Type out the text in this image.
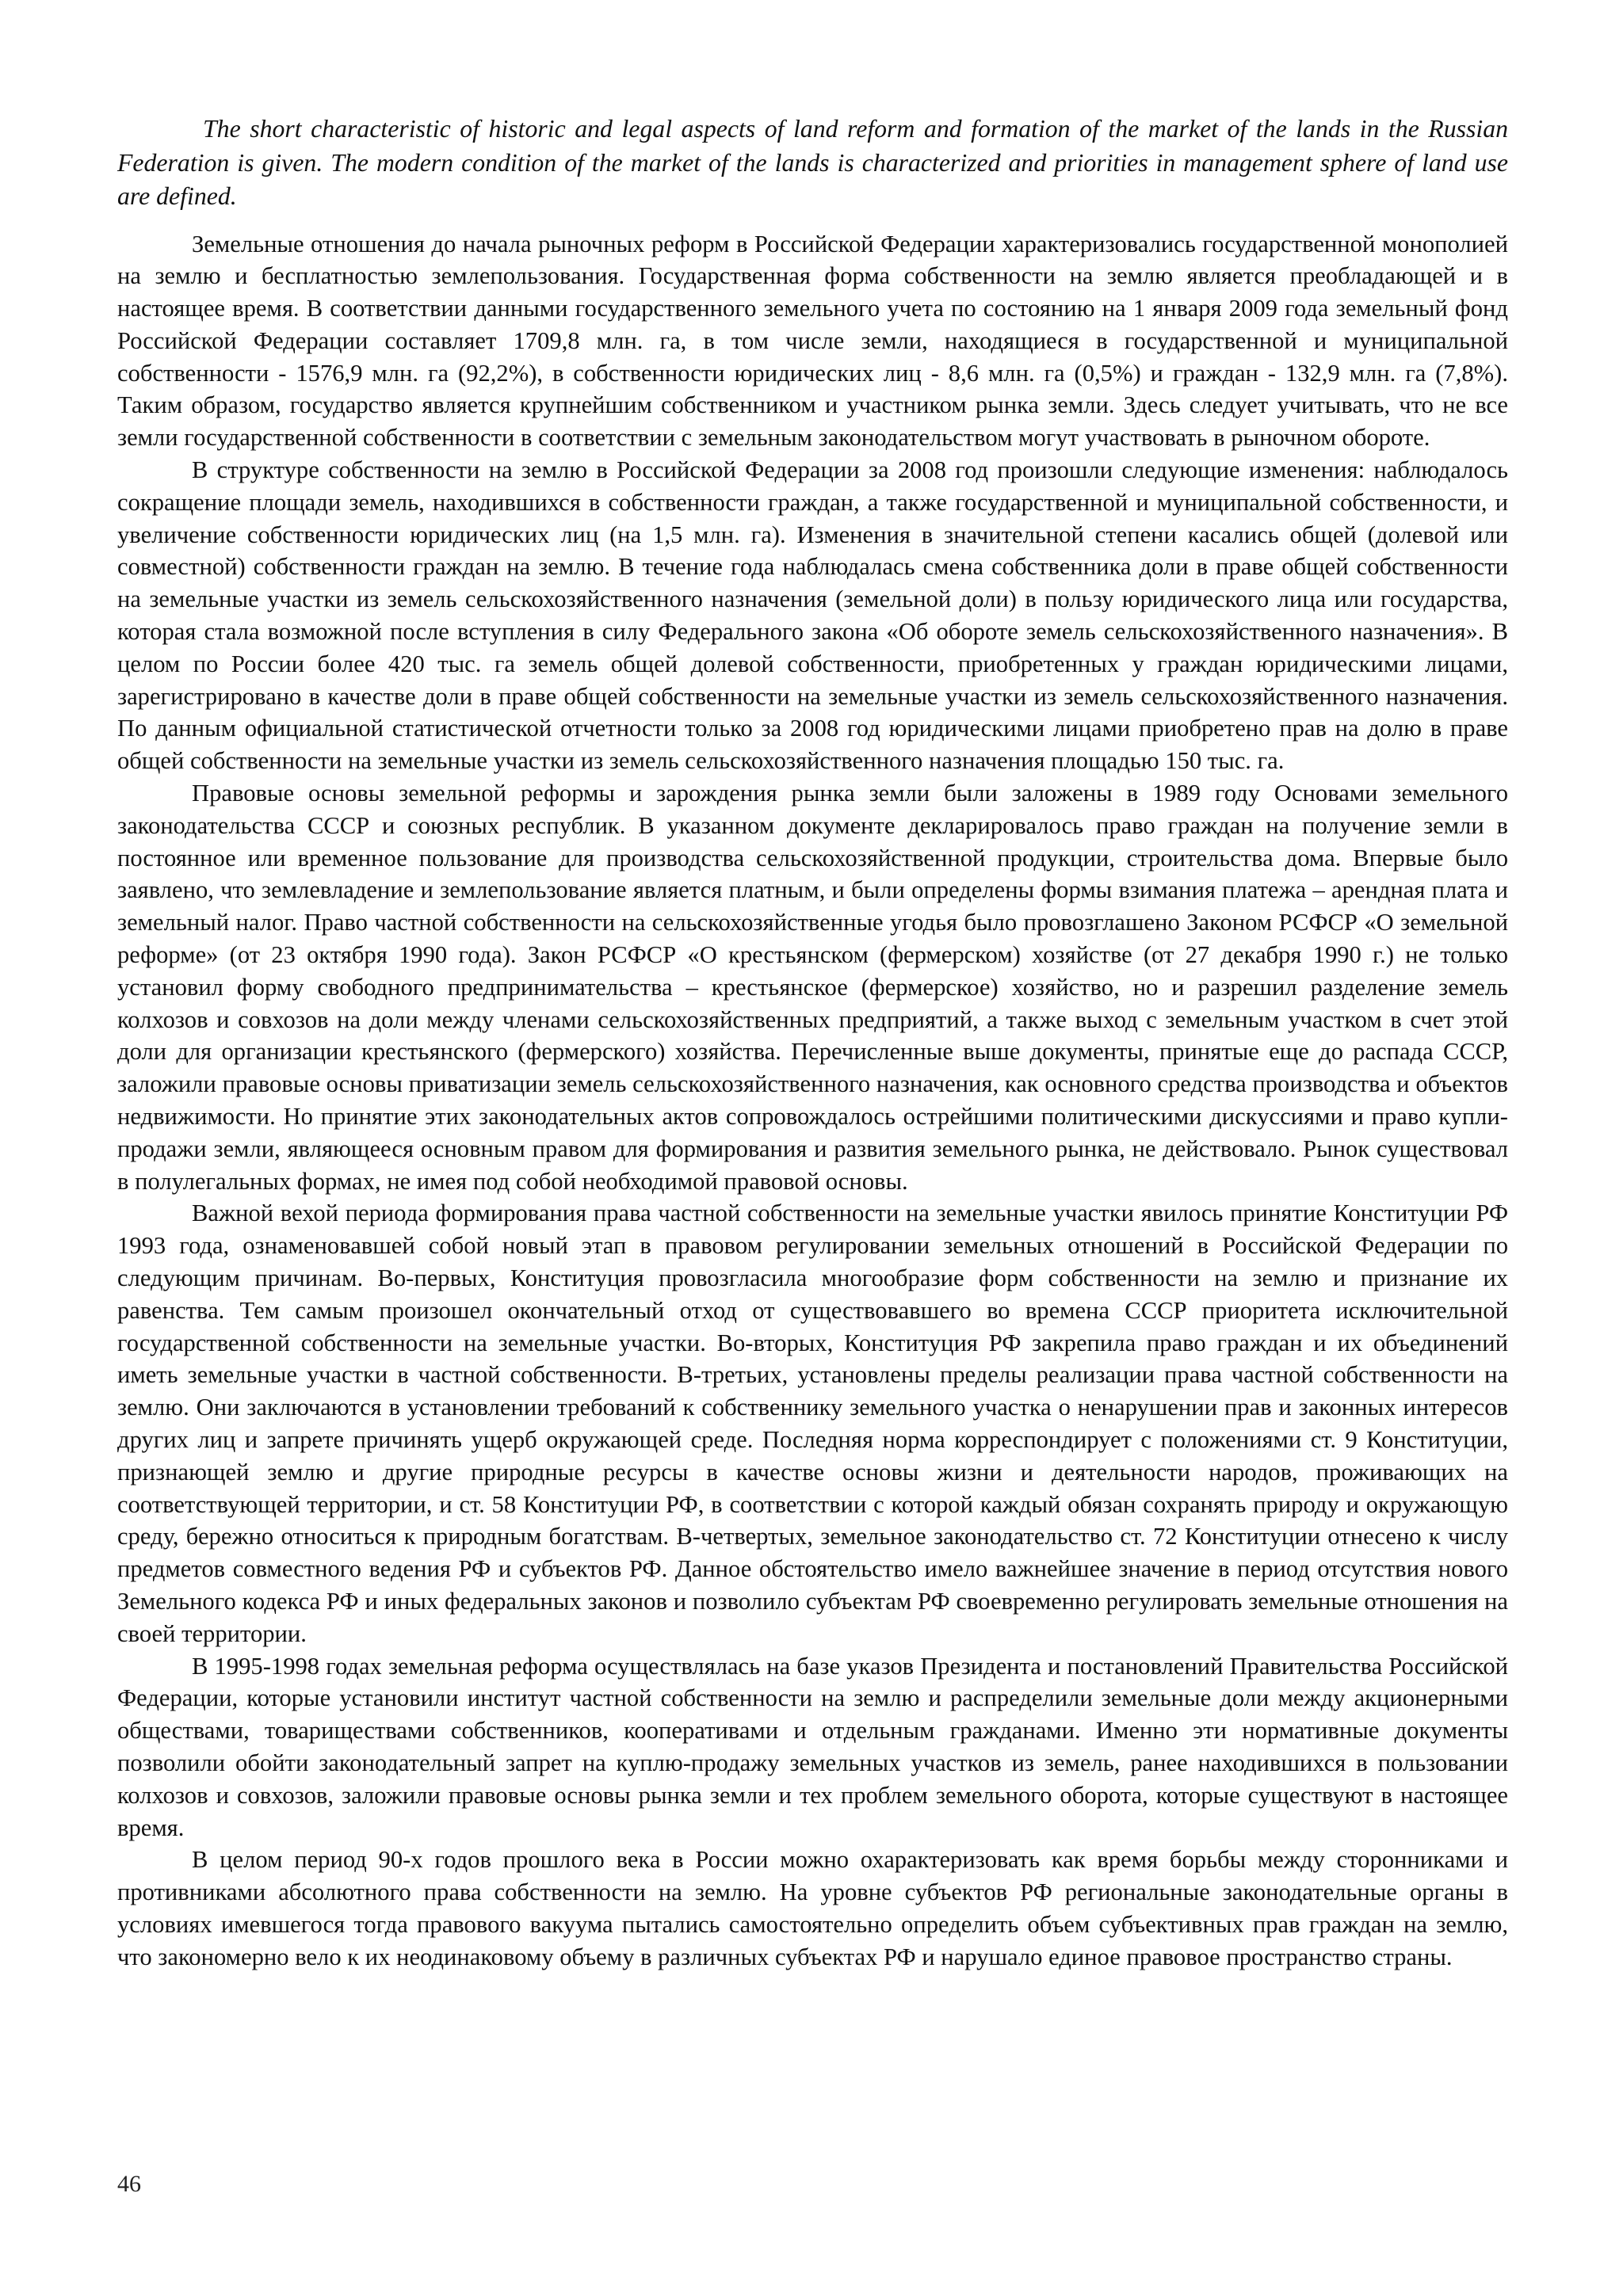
The short characteristic of historic and legal aspects of land reform and formation of the market of the lands in the Russian Federation is given. The modern condition of the market of the lands is characterized and priorities in management sphere of land use are defined.

Земельные отношения до начала рыночных реформ в Российской Федерации характеризовались государственной монополией на землю и бесплатностью землепользования. Государственная форма собственности на землю является преобладающей и в настоящее время. В соответствии данными государственного земельного учета по состоянию на 1 января 2009 года земельный фонд Российской Федерации составляет 1709,8 млн. га, в том числе земли, находящиеся в государственной и муниципальной собственности - 1576,9 млн. га (92,2%), в собственности юридических лиц - 8,6 млн. га (0,5%) и граждан - 132,9 млн. га (7,8%). Таким образом, государство является крупнейшим собственником и участником рынка земли. Здесь следует учитывать, что не все земли государственной собственности в соответствии с земельным законодательством могут участвовать в рыночном обороте.

В структуре собственности на землю в Российской Федерации за 2008 год произошли следующие изменения: наблюдалось сокращение площади земель, находившихся в собственности граждан, а также государственной и муниципальной собственности, и увеличение собственности юридических лиц (на 1,5 млн. га). Изменения в значительной степени касались общей (долевой или совместной) собственности граждан на землю. В течение года наблюдалась смена собственника доли в праве общей собственности на земельные участки из земель сельскохозяйственного назначения (земельной доли) в пользу юридического лица или государства, которая стала возможной после вступления в силу Федерального закона «Об обороте земель сельскохозяйственного назначения». В целом по России более 420 тыс. га земель общей долевой собственности, приобретенных у граждан юридическими лицами, зарегистрировано в качестве доли в праве общей собственности на земельные участки из земель сельскохозяйственного назначения. По данным официальной статистической отчетности только за 2008 год юридическими лицами приобретено прав на долю в праве общей собственности на земельные участки из земель сельскохозяйственного назначения площадью 150 тыс. га.

Правовые основы земельной реформы и зарождения рынка земли были заложены в 1989 году Основами земельного законодательства СССР и союзных республик. В указанном документе декларировалось право граждан на получение земли в постоянное или временное пользование для производства сельскохозяйственной продукции, строительства дома. Впервые было заявлено, что землевладение и землепользование является платным, и были определены формы взимания платежа – арендная плата и земельный налог. Право частной собственности на сельскохозяйственные угодья было провозглашено Законом РСФСР «О земельной реформе» (от 23 октября 1990 года). Закон РСФСР «О крестьянском (фермерском) хозяйстве (от 27 декабря 1990 г.) не только установил форму свободного предпринимательства – крестьянское (фермерское) хозяйство, но и разрешил разделение земель колхозов и совхозов на доли между членами сельскохозяйственных предприятий, а также выход с земельным участком в счет этой доли для организации крестьянского (фермерского) хозяйства. Перечисленные выше документы, принятые еще до распада СССР, заложили правовые основы приватизации земель сельскохозяйственного назначения, как основного средства производства и объектов недвижимости. Но принятие этих законодательных актов сопровождалось острейшими политическими дискуссиями и право купли-продажи земли, являющееся основным правом для формирования и развития земельного рынка, не действовало. Рынок существовал в полулегальных формах, не имея под собой необходимой правовой основы.

Важной вехой периода формирования права частной собственности на земельные участки явилось принятие Конституции РФ 1993 года, ознаменовавшей собой новый этап в правовом регулировании земельных отношений в Российской Федерации по следующим причинам. Во-первых, Конституция провозгласила многообразие форм собственности на землю и признание их равенства. Тем самым произошел окончательный отход от существовавшего во времена СССР приоритета исключительной государственной собственности на земельные участки. Во-вторых, Конституция РФ закрепила право граждан и их объединений иметь земельные участки в частной собственности. В-третьих, установлены пределы реализации права частной собственности на землю. Они заключаются в установлении требований к собственнику земельного участка о ненарушении прав и законных интересов других лиц и запрете причинять ущерб окружающей среде. Последняя норма корреспондирует с положениями ст. 9 Конституции, признающей землю и другие природные ресурсы в качестве основы жизни и деятельности народов, проживающих на соответствующей территории, и ст. 58 Конституции РФ, в соответствии с которой каждый обязан сохранять природу и окружающую среду, бережно относиться к природным богатствам. В-четвертых, земельное законодательство ст. 72 Конституции отнесено к числу предметов совместного ведения РФ и субъектов РФ. Данное обстоятельство имело важнейшее значение в период отсутствия нового Земельного кодекса РФ и иных федеральных законов и позволило субъектам РФ своевременно регулировать земельные отношения на своей территории.

В 1995-1998 годах земельная реформа осуществлялась на базе указов Президента и постановлений Правительства Российской Федерации, которые установили институт частной собственности на землю и распределили земельные доли между акционерными обществами, товариществами собственников, кооперативами и отдельным гражданами. Именно эти нормативные документы позволили обойти законодательный запрет на куплю-продажу земельных участков из земель, ранее находившихся в пользовании колхозов и совхозов, заложили правовые основы рынка земли и тех проблем земельного оборота, которые существуют в настоящее время.

В целом период 90-х годов прошлого века в России можно охарактеризовать как время борьбы между сторонниками и противниками абсолютного права собственности на землю. На уровне субъектов РФ региональные законодательные органы в условиях имевшегося тогда правового вакуума пытались самостоятельно определить объем субъективных прав граждан на землю, что закономерно вело к их неодинаковому объему в различных субъектах РФ и нарушало единое правовое пространство страны.

46
